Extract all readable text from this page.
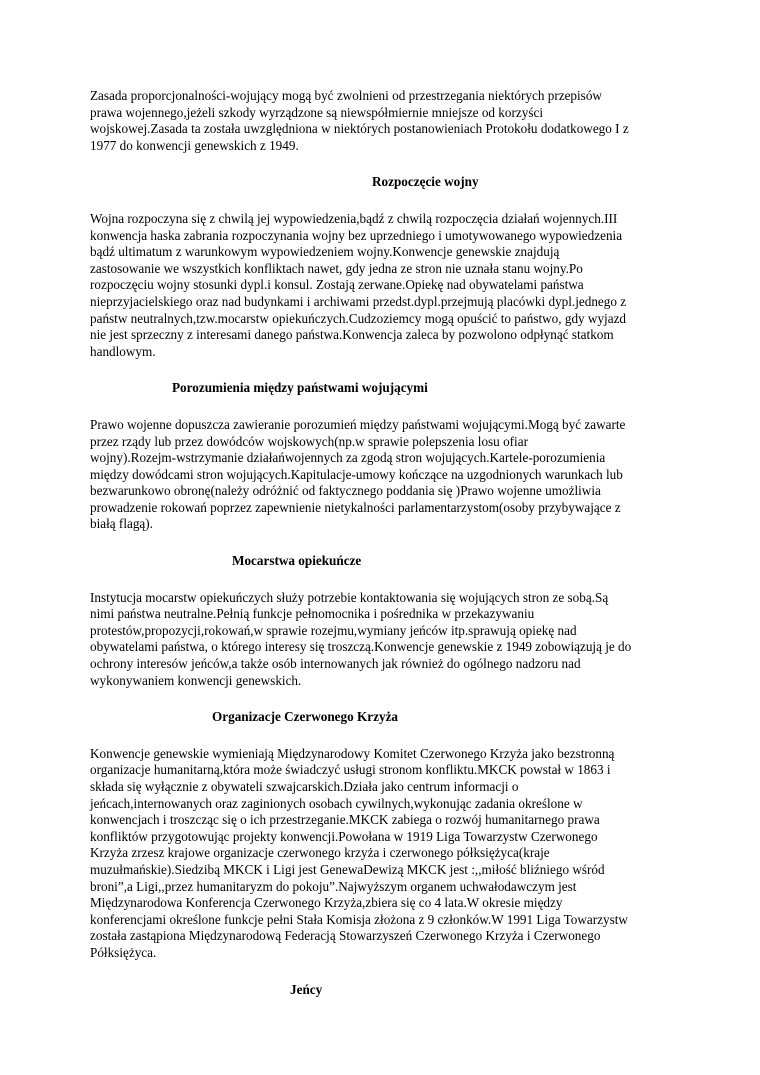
Zasada proporcjonalności-wojujący mogą być zwolnieni od przestrzegania niektórych przepisów
prawa wojennego,jeżeli szkody wyrządzone są niewspółmiernie mniejsze od korzyści
wojskowej.Zasada ta została uwzględniona w niektórych postanowieniach Protokołu dodatkowego I z
1977 do konwencji genewskich z 1949.
Rozpoczęcie wojny
Wojna rozpoczyna się z chwilą jej wypowiedzenia,bądź z chwilą rozpoczęcia działań wojennych.III
konwencja haska zabrania rozpoczynania wojny bez uprzedniego i umotywowanego wypowiedzenia
bądź ultimatum z warunkowym wypowiedzeniem wojny.Konwencje genewskie znajdują
zastosowanie we wszystkich konfliktach nawet, gdy jedna ze stron nie uznała stanu wojny.Po
rozpoczęciu wojny stosunki dypl.i konsul. Zostają zerwane.Opiekę nad obywatelami państwa
nieprzyjacielskiego oraz nad budynkami i archiwami przedst.dypl.przejmują placówki dypl.jednego z
państw neutralnych,tzw.mocarstw opiekuńczych.Cudzoziemcy mogą opuścić to państwo, gdy wyjazd
nie jest sprzeczny z interesami danego państwa.Konwencja zaleca by pozwolono odpłynąć statkom
handlowym.
Porozumienia między państwami wojującymi
Prawo wojenne dopuszcza zawieranie porozumień między państwami wojującymi.Mogą być zawarte
przez rządy lub przez dowódców wojskowych(np.w sprawie polepszenia losu ofiar
wojny).Rozejm-wstrzymanie działańwojennych za zgodą stron wojujących.Kartele-porozumienia
między dowódcami stron wojujących.Kapitulacje-umowy kończące na uzgodnionych warunkach lub
bezwarunkowo obronę(należy odróżnić od faktycznego poddania się )Prawo wojenne umożliwia
prowadzenie rokowań poprzez zapewnienie nietykalności parlamentarzystom(osoby przybywające z
białą flagą).
Mocarstwa opiekuńcze
Instytucja mocarstw opiekuńczych służy potrzebie kontaktowania się wojujących stron ze sobą.Są
nimi państwa neutralne.Pełnią funkcje pełnomocnika i pośrednika w przekazywaniu
protestów,propozycji,rokowań,w sprawie rozejmu,wymiany jeńców itp.sprawują opiekę nad
obywatelami państwa, o którego interesy się troszczą.Konwencje genewskie z 1949 zobowiązują je do
ochrony interesów jeńców,a także osób internowanych jak również do ogólnego nadzoru nad
wykonywaniem konwencji genewskich.
Organizacje Czerwonego Krzyża
Konwencje genewskie wymieniają Międzynarodowy Komitet Czerwonego Krzyża jako bezstronną
organizacje humanitarną,która może świadczyć usługi stronom konfliktu.MKCK powstał w 1863 i
składa się wyłącznie z obywateli szwajcarskich.Działa jako centrum informacji o
jeńcach,internowanych oraz zaginionych osobach cywilnych,wykonując zadania określone w
konwencjach i troszcząc się o ich przestrzeganie.MKCK zabiega o rozwój humanitarnego prawa
konfliktów przygotowując projekty konwencji.Powołana w 1919 Liga Towarzystw Czerwonego
Krzyża zrzesz krajowe organizacje czerwonego krzyża i czerwonego półksiężyca(kraje
muzułmańskie).Siedzibą MKCK i Ligi jest GenewaDewizą MKCK jest :,,miłość bliźniego wśród
broni”,a Ligi,,przez humanitaryzm do pokoju”.Najwyższym organem uchwałodawczym jest
Międzynarodowa Konferencja Czerwonego Krzyża,zbiera się co 4 lata.W okresie między
konferencjami określone funkcje pełni Stała Komisja złożona z 9 członków.W 1991 Liga Towarzystw
została zastąpiona Międzynarodową Federacją Stowarzyszeń Czerwonego Krzyża i Czerwonego
Półksiężyca.
Jeńcy
